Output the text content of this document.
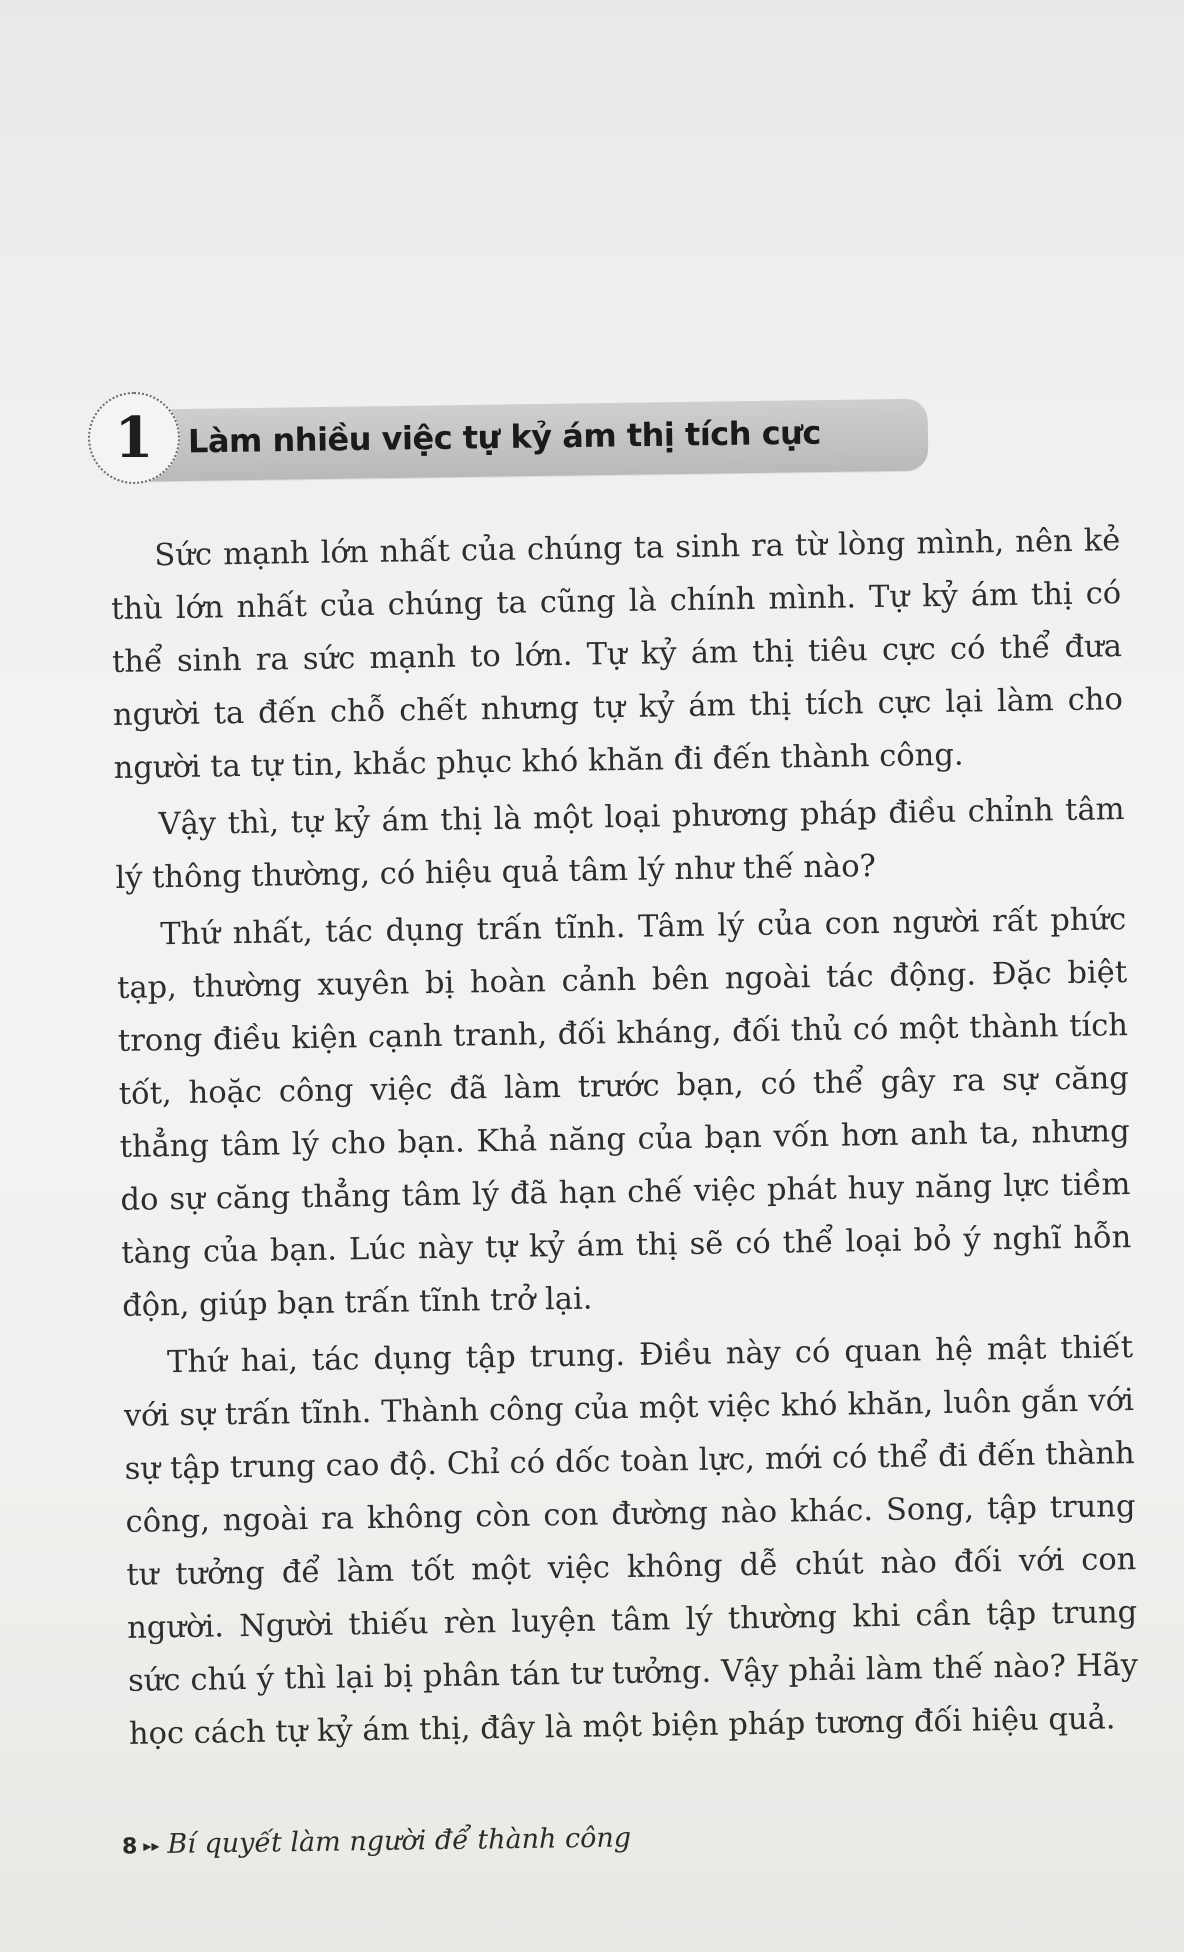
1 Làm nhiều việc tự kỷ ám thị tích cực

Sức mạnh lớn nhất của chúng ta sinh ra từ lòng mình, nên kẻ thù lớn nhất của chúng ta cũng là chính mình. Tự kỷ ám thị có thể sinh ra sức mạnh to lớn. Tự kỷ ám thị tiêu cực có thể đưa người ta đến chỗ chết nhưng tự kỷ ám thị tích cực lại làm cho người ta tự tin, khắc phục khó khăn đi đến thành công.

Vậy thì, tự kỷ ám thị là một loại phương pháp điều chỉnh tâm lý thông thường, có hiệu quả tâm lý như thế nào?

Thứ nhất, tác dụng trấn tĩnh. Tâm lý của con người rất phức tạp, thường xuyên bị hoàn cảnh bên ngoài tác động. Đặc biệt trong điều kiện cạnh tranh, đối kháng, đối thủ có một thành tích tốt, hoặc công việc đã làm trước bạn, có thể gây ra sự căng thẳng tâm lý cho bạn. Khả năng của bạn vốn hơn anh ta, nhưng do sự căng thẳng tâm lý đã hạn chế việc phát huy năng lực tiềm tàng của bạn. Lúc này tự kỷ ám thị sẽ có thể loại bỏ ý nghĩ hỗn độn, giúp bạn trấn tĩnh trở lại.

Thứ hai, tác dụng tập trung. Điều này có quan hệ mật thiết với sự trấn tĩnh. Thành công của một việc khó khăn, luôn gắn với sự tập trung cao độ. Chỉ có dốc toàn lực, mới có thể đi đến thành công, ngoài ra không còn con đường nào khác. Song, tập trung tư tưởng để làm tốt một việc không dễ chút nào đối với con người. Người thiếu rèn luyện tâm lý thường khi cần tập trung sức chú ý thì lại bị phân tán tư tưởng. Vậy phải làm thế nào? Hãy học cách tự kỷ ám thị, đây là một biện pháp tương đối hiệu quả.

8 ▸▸ Bí quyết làm người để thành công
